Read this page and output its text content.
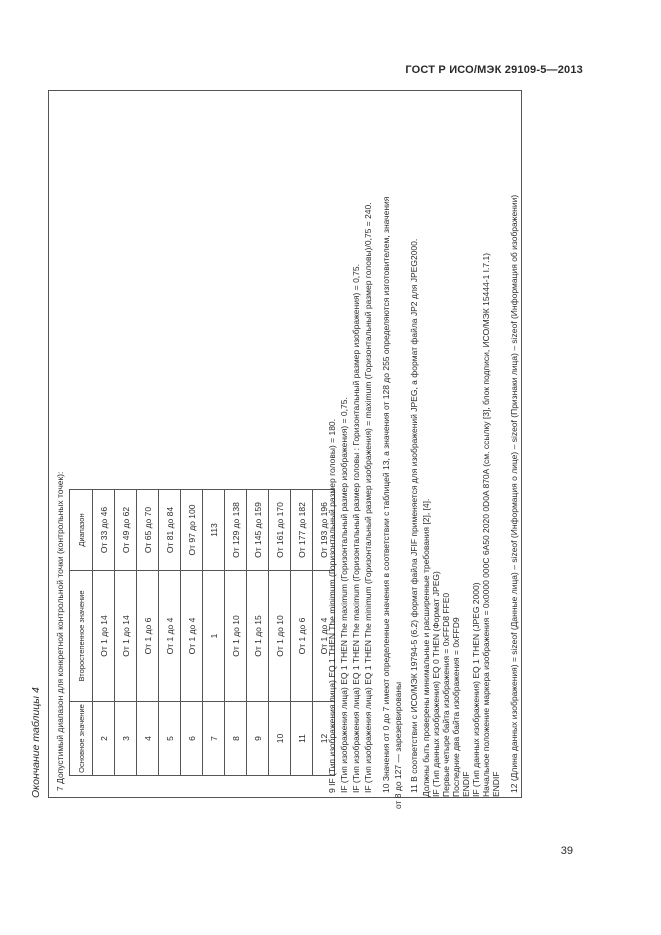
ГОСТ Р ИСО/МЭК 29109-5—2013
Окончание таблицы 4 7 Допустимый диапазон для конкретной контрольной точки (контрольных точек): Основное значение	Второстепенное значение	Диапазон
2	От 1 до 14	От 33 до 46
3	От 1 до 14	От 49 до 62
4	От 1 до 6	От 65 до 70
5	От 1 до 4	От 81 до 84
6	От 1 до 4	От 97 до 100
7	1	113
8	От 1 до 10	От 129 до 138
9	От 1 до 15	От 145 до 159
10	От 1 до 10	От 161 до 170
11	От 1 до 6	От 177 до 182
12	От 1 до 4	От 193 до 196
9 IF (Тип изображения лица) EQ 1 THEN The minimum (Горизонтальный размер головы) = 180. IF (Тип изображения лица) EQ 1 THEN The maximum (Горизонтальный размер изображения) = 0,75. IF (Тип изображения лица) EQ 1 THEN The maximum (Горизонтальный размер головы : Горизонтальный размер изображения) = 0,75. IF (Тип изображения лица) EQ 1 THEN The minimum (Горизонтальный размер изображения) = maximum (Горизонтальный размер головы)/0,75 = 240. 10 Значения от 0 до 7 имеют определенные значения в соответствии с таблицей 13, а значения от 128 до 255 определяются изготовителем, значения от 8 до 127 — зарезервированы 11 В соответствии с ИСО/МЭК 19794-5 (6.2) формат файла JFIF применяется для изображений JPEG, а формат файла JP2 для JPEG2000. Должны быть проверены минимальные и расширенные требования [2], [4]. IF (Тип данных изображения) EQ 0 THEN (Формат JPEG) Первые четыре байта изображения = 0xFFD8 FFE0 Последние два байта изображения = 0xFFD9 ENDIF IF (Тип данных изображения) EQ 1 THEN (JPEG 2000) Начальное положение маркера изображения = 0x0000 000C 6A50 2020 0D0A 870A (см. ссылку [3], блок подписи, ИСО/МЭК 15444-1 I.7.1) ENDIF 12 (Длина данных изображения) = sizeof (Данные лица) – sizeof (Информация о лице) – sizeof (Признаки лица) – sizeof (Информация об изображении)
39
